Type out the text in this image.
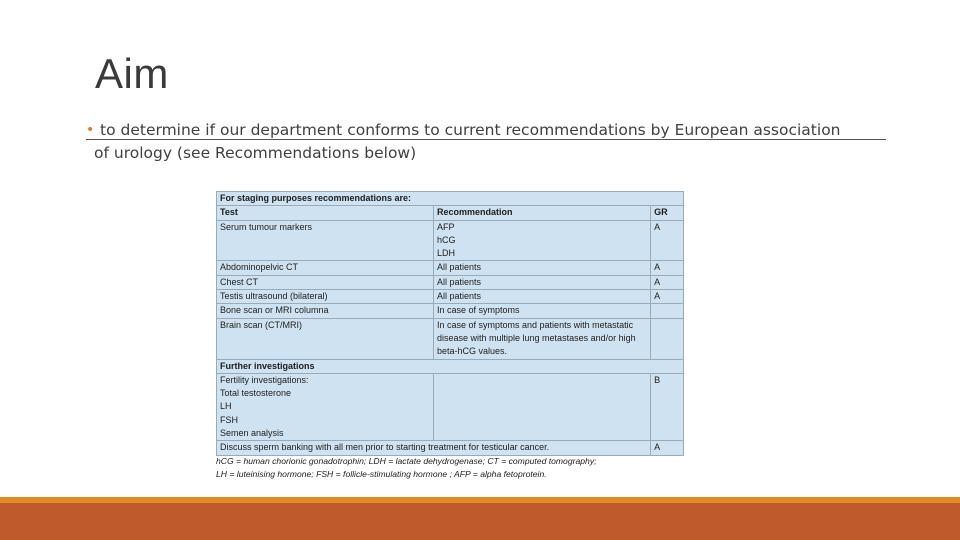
Aim
• to determine if our department conforms to current recommendations by European association
of urology (see Recommendations below)
For staging purposes recommendations are:		
Test	Recommendation	GR
Serum tumour markers	AFP
hCG
LDH	A
Abdominopelvic CT	All patients	A
Chest CT	All patients	A
Testis ultrasound (bilateral)	All patients	A
Bone scan or MRI columna	In case of symptoms	
Brain scan (CT/MRI)	In case of symptoms and patients with metastatic
disease with multiple lung metastases and/or high
beta-hCG values.	

Further investigations		

Fertility investigations:
Total testosterone
LH
FSH
Semen analysis		B
Discuss sperm banking with all men prior to starting treatment for testicular cancer.		A
hCG = human chorionic gonadotrophin; LDH = lactate dehydrogenase; CT = computed tomography;
LH = luteinising hormone; FSH = follicle-stimulating hormone ; AFP = alpha fetoprotein.
